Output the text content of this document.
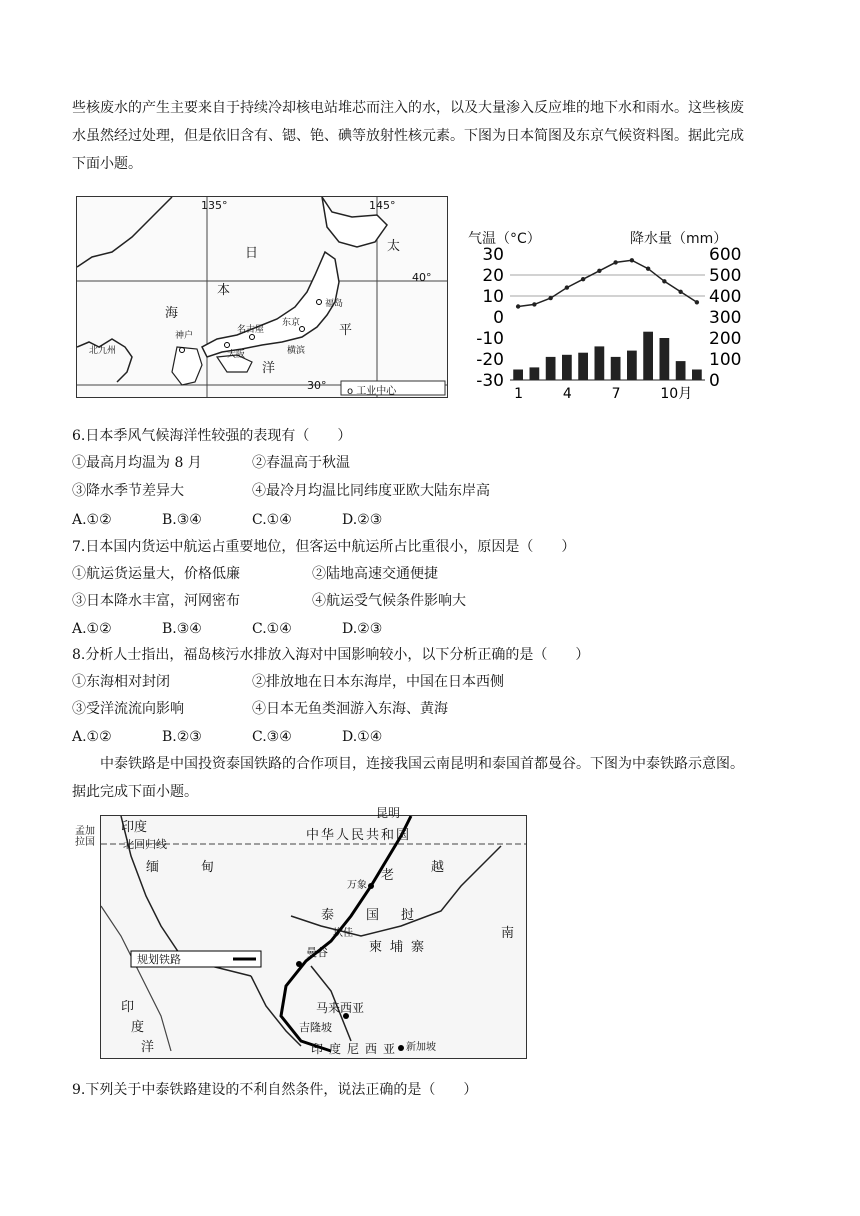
些核废水的产生主要来自于持续冷却核电站堆芯而注入的水，以及大量渗入反应堆的地下水和雨水。这些核废
水虽然经过处理，但是依旧含有、锶、铯、碘等放射性核元素。下图为日本简图及东京气候资料图。据此完成
下面小题。
135°	145°
40°
30°
日
本
海
太
平
洋
福岛
东京
名古屋
大阪	横滨
神户
北九州
o 工业中心
气温（°C）	降水量（mm）
30
20
10
0
-10
-20
-30
600
500
400
300
200
100
0
1	4	7	10月
6.日本季风气候海洋性较强的表现有（　　）
①最高月均温为 8 月	②春温高于秋温
③降水季节差异大	④最冷月均温比同纬度亚欧大陆东岸高
A.①②	B.③④	C.①④	D.②③
7.日本国内货运中航运占重要地位，但客运中航运所占比重很小，原因是（　　）
①航运货运量大，价格低廉	②陆地高速交通便捷
③日本降水丰富，河网密布	④航运受气候条件影响大
A.①②	B.③④	C.①④	D.②③
8.分析人士指出，福岛核污水排放入海对中国影响较小，以下分析正确的是（　　）
①东海相对封闭	②排放地在日本东海岸，中国在日本西侧
③受洋流流向影响	④日本无鱼类洄游入东海、黄海
A.①②	B.②③	C.③④	D.①④
中泰铁路是中国投资泰国铁路的合作项目，连接我国云南昆明和泰国首都曼谷。下图为中泰铁路示意图。
据此完成下面小题。
昆明
中华人民共和国
印度
孟加拉国	北回归线
缅	甸	越
老
挝
万象
泰 国
坎佳
曼谷	柬埔寨
南
规划铁路
马来西亚
吉隆坡
新加坡
印
度
洋	印度尼西亚
9.下列关于中泰铁路建设的不利自然条件，说法正确的是（　　）
